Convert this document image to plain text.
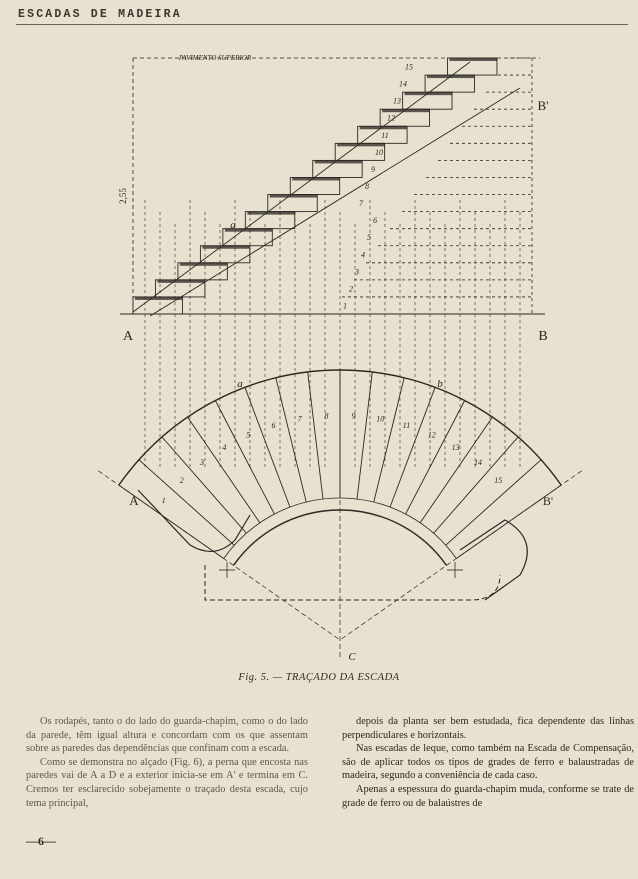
ESCADAS DE MADEIRA
1
2
3
4
5
6
7
8
9
10
11
12
13
14
15
2,55
PAVIMENTO SUPERIOR
A	B
B'
a
1
2
3
4
5
6
7	8	9	10
11
12
13
14
15
A	B'
a	b
C
Fig. 5. — TRAÇADO DA ESCADA

Os rodapés, tanto o do lado do guarda-chapim, como o do lado da parede, têm igual altura e concordam com os que assentam sobre as paredes das dependências que confinam com a escada.

Como se demonstra no alçado (Fig. 6), a perna que encosta nas paredes vai de A a D e a exterior inicia-se em A' e termina em C. Cremos ter esclarecido sobejamente o traçado desta escada, cujo tema principal,

depois da planta ser bem estudada, fica dependente das linhas perpendiculares e horizontais.

Nas escadas de leque, como também na Escada de Compensação, são de aplicar todos os tipos de grades de ferro e balaustradas de madeira, segundo a conveniência de cada caso.

Apenas a espessura do guarda-chapim muda, conforme se trate de grade de ferro ou de balaústres de

—6—
